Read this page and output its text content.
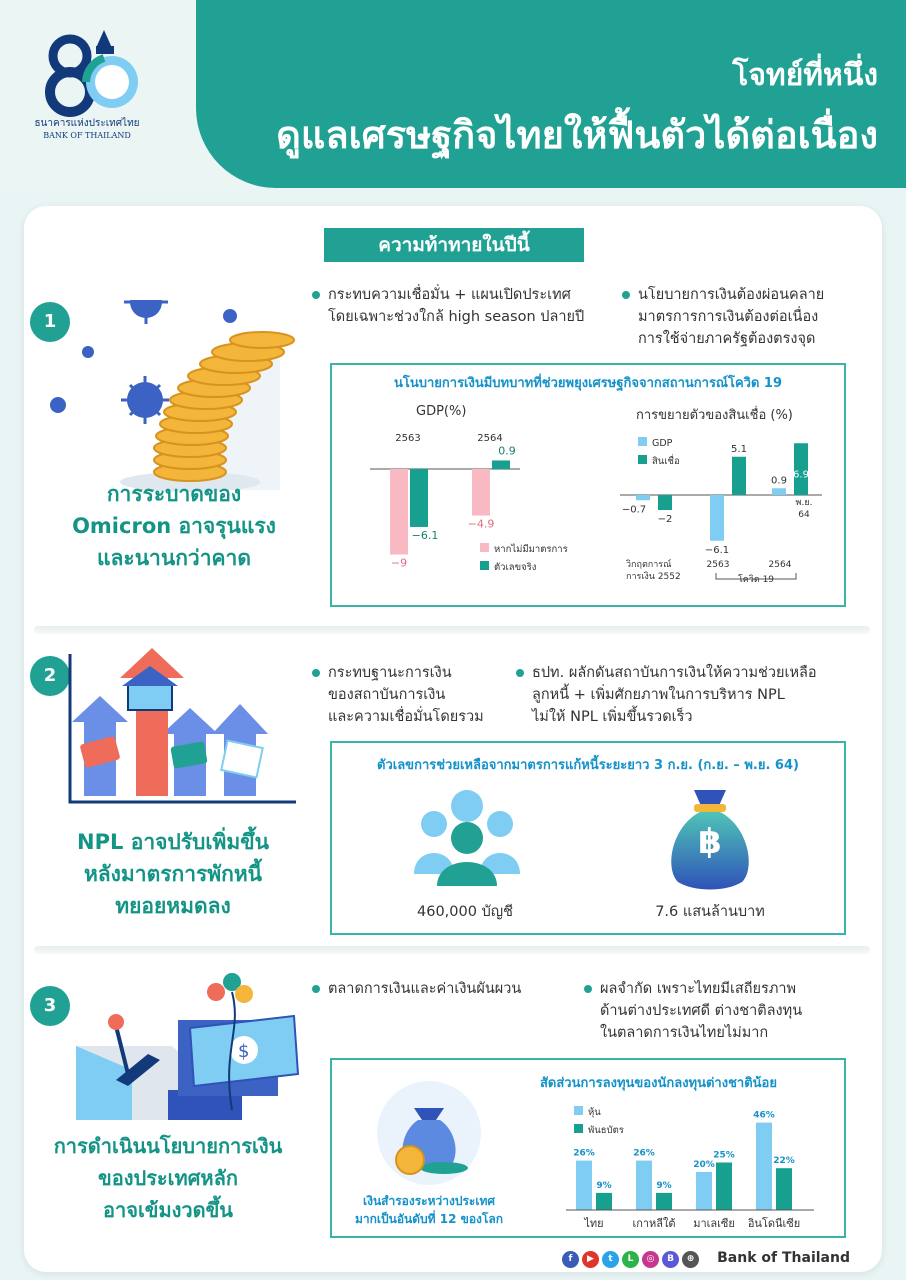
โจทย์ที่หนึ่ง
ดูแลเศรษฐกิจไทยให้ฟื้นตัวได้ต่อเนื่อง
ธนาคารแห่งประเทศไทย
BANK OF THAILAND
ความท้าทายในปีนี้
1
การระบาดของ
Omicron อาจรุนแรง
และนานกว่าคาด
กระทบความเชื่อมั่น + แผนเปิดประเทศ
โดยเฉพาะช่วงใกล้ high season ปลายปี
นโยบายการเงินต้องผ่อนคลาย
มาตรการการเงินต้องต่อเนื่อง
การใช้จ่ายภาครัฐต้องตรงจุด
นโนบายการเงินมีบทบาทที่ช่วยพยุงเศรษฐกิจจากสถานการณ์โควิด 19
GDP(%)
2563
−9
−6.1
2564
−4.9
0.9
หากไม่มีมาตรการ
ตัวเลขจริง
การขยายตัวของสินเชื่อ (%)
−0.7
−2
วิกฤตการณ์
การเงิน 2552
−6.1
5.1
2563
0.9
6.9
2564
โควิด 19
พ.ย.
64
GDP
สินเชื่อ
2
NPL อาจปรับเพิ่มขึ้น
หลังมาตรการพักหนี้
ทยอยหมดลง
กระทบฐานะการเงิน
ของสถาบันการเงิน
และความเชื่อมั่นโดยรวม
ธปท. ผลักดันสถาบันการเงินให้ความช่วยเหลือ
ลูกหนี้ + เพิ่มศักยภาพในการบริหาร NPL
ไม่ให้ NPL เพิ่มขึ้นรวดเร็ว
ตัวเลขการช่วยเหลือจากมาตรการแก้หนี้ระยะยาว 3 ก.ย. (ก.ย. – พ.ย. 64)
460,000 บัญชี
฿
7.6 แสนล้านบาท
3
$
การดำเนินนโยบายการเงิน
ของประเทศหลัก
อาจเข้มงวดขึ้น
ตลาดการเงินและค่าเงินผันผวน	ผลจำกัด เพราะไทยมีเสถียรภาพ
ด้านต่างประเทศดี ต่างชาติลงทุน
ในตลาดการเงินไทยไม่มาก
เงินสำรองระหว่างประเทศ
มากเป็นอันดับที่ 12 ของโลก
สัดส่วนการลงทุนของนักลงทุนต่างชาติน้อย
26%
9%
ไทย
26%
9%
เกาหลีใต้
20%
25%
มาเลเซีย
46%
22%
อินโดนีเซีย
หุ้น
พันธบัตร
f	▶	t	L	◎	B	⊕	Bank of Thailand
